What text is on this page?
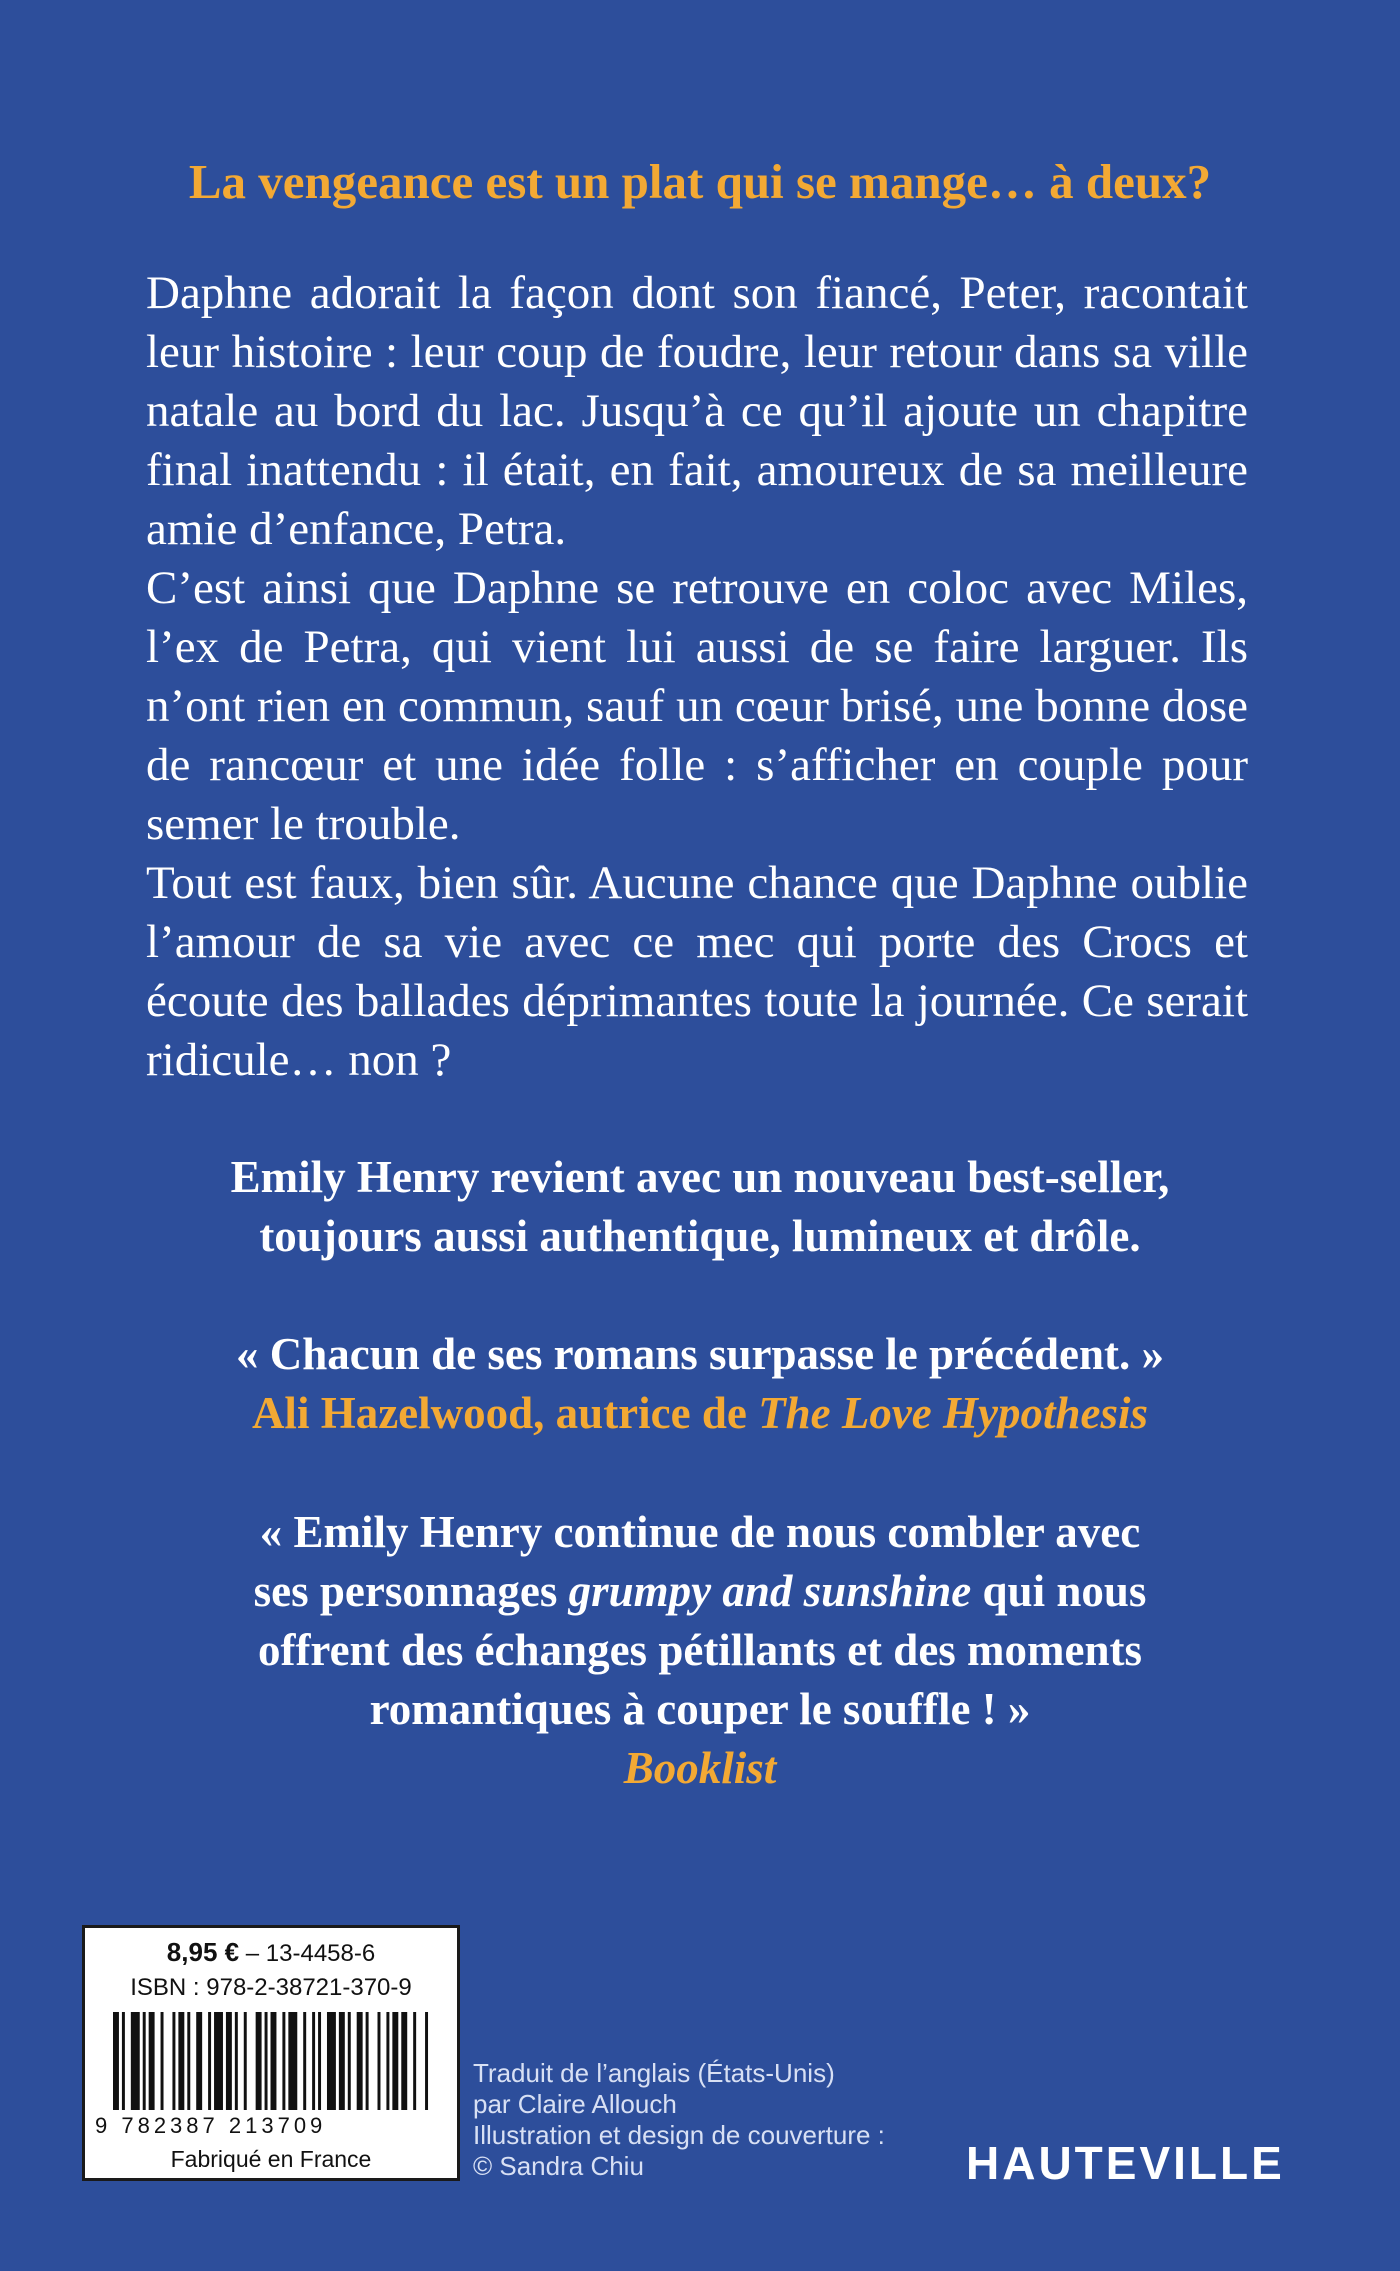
La vengeance est un plat qui se mange… à deux?

Daphne adorait la façon dont son fiancé, Peter, racontait leur histoire : leur coup de foudre, leur retour dans sa ville natale au bord du lac. Jusqu’à ce qu’il ajoute un chapitre final inattendu : il était, en fait, amoureux de sa meilleure amie d’enfance, Petra.

C’est ainsi que Daphne se retrouve en coloc avec Miles, l’ex de Petra, qui vient lui aussi de se faire larguer. Ils n’ont rien en commun, sauf un cœur brisé, une bonne dose de rancœur et une idée folle : s’afficher en couple pour semer le trouble.

Tout est faux, bien sûr. Aucune chance que Daphne oublie l’amour de sa vie avec ce mec qui porte des Crocs et écoute des ballades déprimantes toute la journée. Ce serait ridicule… non ?

Emily Henry revient avec un nouveau best-seller,
toujours aussi authentique, lumineux et drôle.
« Chacun de ses romans surpasse le précédent. »
Ali Hazelwood, autrice de The Love Hypothesis
« Emily Henry continue de nous combler avec
ses personnages grumpy and sunshine qui nous
offrent des échanges pétillants et des moments
romantiques à couper le souffle ! »
Booklist
8,95 € – 13-4458-6
ISBN : 978-2-38721-370-9
9 782387 213709
Fabriqué en France
Traduit de l’anglais (États-Unis)
par Claire Allouch
Illustration et design de couverture :
© Sandra Chiu	HAUTEVILLE
